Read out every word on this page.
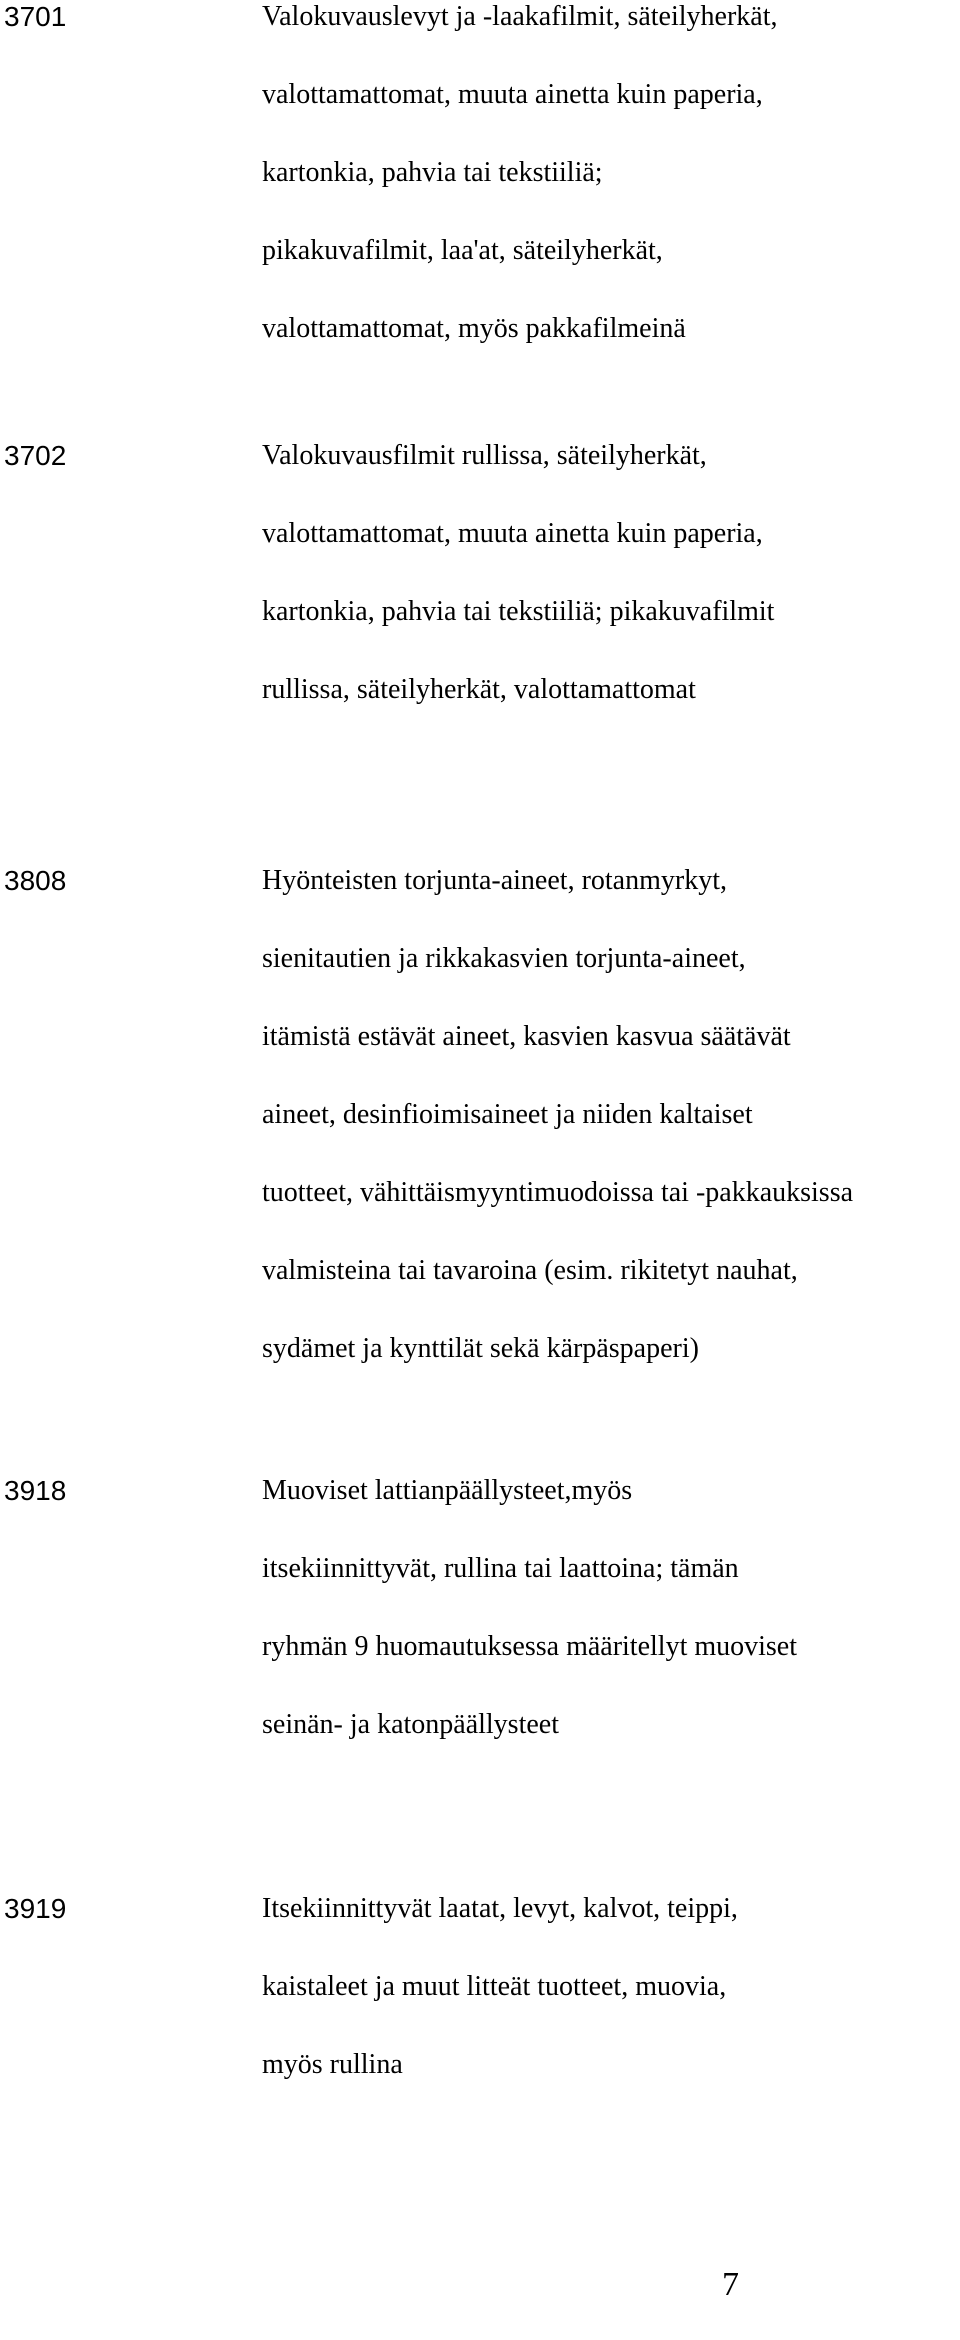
3701	Valokuvauslevyt ja -laakafilmit, säteilyherkät,
valottamattomat, muuta ainetta kuin paperia,
kartonkia, pahvia tai tekstiiliä;
pikakuvafilmit, laa'at, säteilyherkät,
valottamattomat, myös pakkafilmeinä
3702	Valokuvausfilmit rullissa, säteilyherkät,
valottamattomat, muuta ainetta kuin paperia,
kartonkia, pahvia tai tekstiiliä; pikakuvafilmit
rullissa, säteilyherkät, valottamattomat
3808	Hyönteisten torjunta-aineet, rotanmyrkyt,
sienitautien ja rikkakasvien torjunta-aineet,
itämistä estävät aineet, kasvien kasvua säätävät
aineet, desinfioimisaineet ja niiden kaltaiset
tuotteet, vähittäismyyntimuodoissa tai -pakkauksissa
valmisteina tai tavaroina (esim. rikitetyt nauhat,
sydämet ja kynttilät sekä kärpäspaperi)
3918	Muoviset lattianpäällysteet,myös
itsekiinnittyvät, rullina tai laattoina; tämän
ryhmän 9 huomautuksessa määritellyt muoviset
seinän- ja katonpäällysteet
3919	Itsekiinnittyvät laatat, levyt, kalvot, teippi,
kaistaleet ja muut litteät tuotteet, muovia,
myös rullina
7
